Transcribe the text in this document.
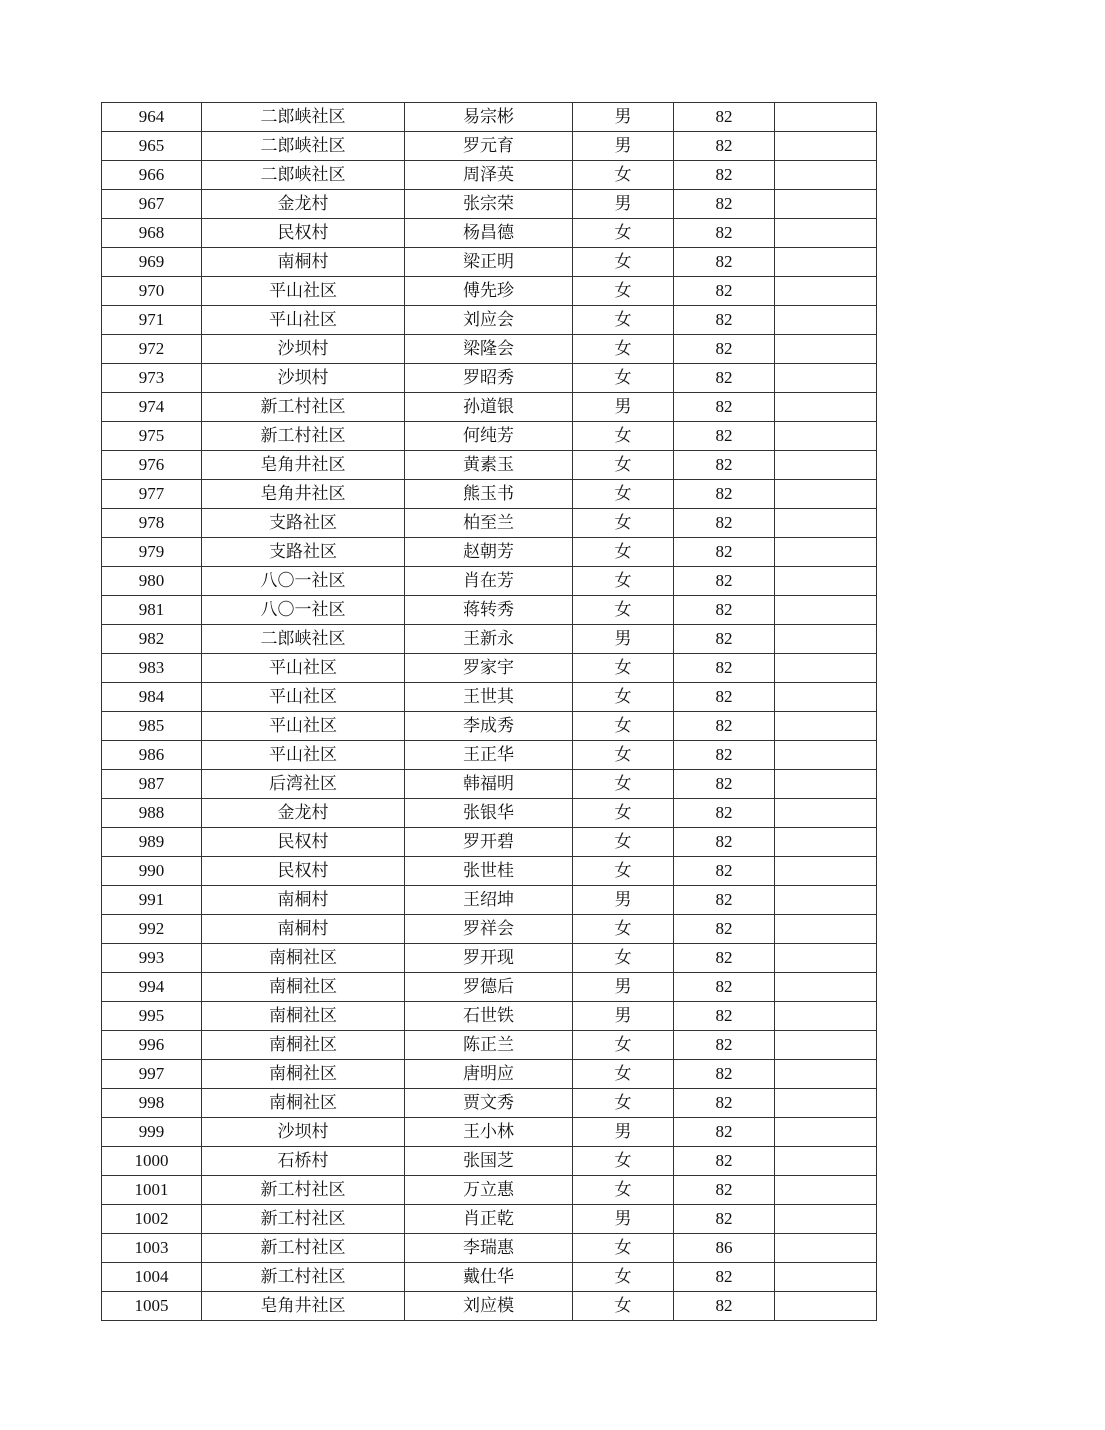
964	二郎峡社区	易宗彬	男	82	
965	二郎峡社区	罗元育	男	82	
966	二郎峡社区	周泽英	女	82	
967	金龙村	张宗荣	男	82	
968	民权村	杨昌德	女	82	
969	南桐村	梁正明	女	82	
970	平山社区	傅先珍	女	82	
971	平山社区	刘应会	女	82	
972	沙坝村	梁隆会	女	82	
973	沙坝村	罗昭秀	女	82	
974	新工村社区	孙道银	男	82	
975	新工村社区	何纯芳	女	82	
976	皂角井社区	黄素玉	女	82	
977	皂角井社区	熊玉书	女	82	
978	支路社区	柏至兰	女	82	
979	支路社区	赵朝芳	女	82	
980	八〇一社区	肖在芳	女	82	
981	八〇一社区	蒋转秀	女	82	
982	二郎峡社区	王新永	男	82	
983	平山社区	罗家宇	女	82	
984	平山社区	王世其	女	82	
985	平山社区	李成秀	女	82	
986	平山社区	王正华	女	82	
987	后湾社区	韩福明	女	82	
988	金龙村	张银华	女	82	
989	民权村	罗开碧	女	82	
990	民权村	张世桂	女	82	
991	南桐村	王绍坤	男	82	
992	南桐村	罗祥会	女	82	
993	南桐社区	罗开现	女	82	
994	南桐社区	罗德后	男	82	
995	南桐社区	石世铁	男	82	
996	南桐社区	陈正兰	女	82	
997	南桐社区	唐明应	女	82	
998	南桐社区	贾文秀	女	82	
999	沙坝村	王小林	男	82	
1000	石桥村	张国芝	女	82	
1001	新工村社区	万立惠	女	82	
1002	新工村社区	肖正乾	男	82	
1003	新工村社区	李瑞惠	女	86	
1004	新工村社区	戴仕华	女	82	
1005	皂角井社区	刘应模	女	82	
